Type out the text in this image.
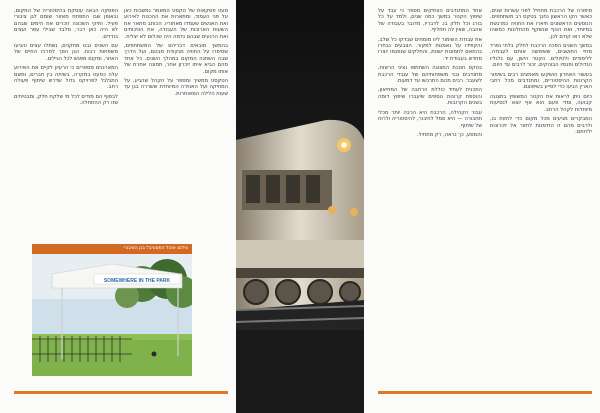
מעט פסקאות של טקסט המאמר נמשכות כאן על פני העמוד, ומתארות את ההכנות לאירוע ואת האנשים שעמדו מאחוריו. הכותב מתאר את השעות הארוכות של העבודה, את הוויכוחים ואת הרגעים שבהם נדמה היה שכלום לא יצליח.

בהמשך מובאים דבריהם של המשתתפים, שסיפרו על החוויה מנקודת מבטם, ועל הדרך שבה השתנה המקום במהלך השנים. כל אחד מהם הביא איתו זיכרון אחר, תמונה אחרת של אותו מקום.

הטקסט ממשיך ומספר על הקהל שהגיע, על המוזיקה ועל האווירה המיוחדת ששררה בגן עד שעות הלילה המאוחרות.

הפסקה הבאה עוסקת בהיסטוריה של המקום, ובאופן שבו התפתח מאזור שומם לגן ציבורי פעיל. ותיקי השכונה זוכרים את הימים שבהם לא היה כאן דבר, מלבד שבילי עפר ועצים בודדים.

עם השנים נבנו מתקנים, נשתלו עצים והגיעו משפחות רבות. הגן הפך למרכז החיים של האזור, ומקום מפגש לכל הגילים.

המארגנים מספרים כי הרעיון לקיים את האירוע עלה כמעט במקרה, בשיחה בין חברים, ומשם התגלגל לפרויקט גדול שדרש שיתוף פעולה רחב.

לבסוף הם מודים לכל מי שלקח חלק, ומבטיחים שזו רק ההתחלה.

SOMEWHERE IN THE PARK
צילום אוהל הפסטיבל בגן הציבורי

סיפורה של הרכבת מתחיל לפני עשרות שנים, כאשר הקו הראשון נחנך בטקס רב משתתפים. הנוסעים הראשונים תיארו את החוויה כמרגשת במיוחד, ואת הנוף שנשקף מהחלונות כמשהו שלא ראו קודם לכן.

במשך השנים הפכה הרכבת לחלק בלתי נפרד מחיי התושבים, ששימשה אותם לעבודה, ללימודים ולטיולים. הקטר הישן, עם גלגליו הגדולים ופנסיו הבוהקים, זכור לרבים עד היום.

בעשור האחרון הושקעו מאמצים רבים בשימור הקרונות ההיסטוריים, ומתנדבים מכל רחבי הארץ הגיעו כדי לסייע בשיפוצם.

כיום ניתן לראות את הקטר המשופץ בתצוגה קבועה, ומדי פעם הוא אף יוצא לנסיעות מיוחדות לקהל הרחב.

המבקרים מגיעים מכל מקום כדי לחזות בו, ולרבים מהם זו הזדמנות לחזור אל זיכרונות ילדותם.

אחד המתנדבים הוותיקים מספר כי עבד על שיפוץ הקטר במשך כמה שנים, ולמד על כל בורג וכל חלק בו. לדבריו, מדובר בעבודה של אהבה, שאין לה תחליף.

את עבודת השימור ליוו מומחים שבדקו כל שלב, והקפידו על נאמנות למקור. הצבעים נבחרו בהתאם לתמונות ישנות, והחלקים שנפגמו יוצרו מחדש בעבודת יד.

בטקס חנוכת התצוגה השתתפו נציגי הרשות, מתנדבים ובני משפחותיהם של עובדי הרכבת לשעבר. רבים מהם התרגשו עד דמעות.

התכנית לעתיד כוללת הרחבה של המוזיאון, והוספת קרונות נוספים שיעברו שיפוץ דומה בשנים הקרובות.

עבור הקהילה, הרכבת היא הרבה יותר מכלי תחבורה — היא סמל לחיבור, להיסטוריה ולרוח של שיתוף.

והמסע, כך נראה, רק מתחיל.
